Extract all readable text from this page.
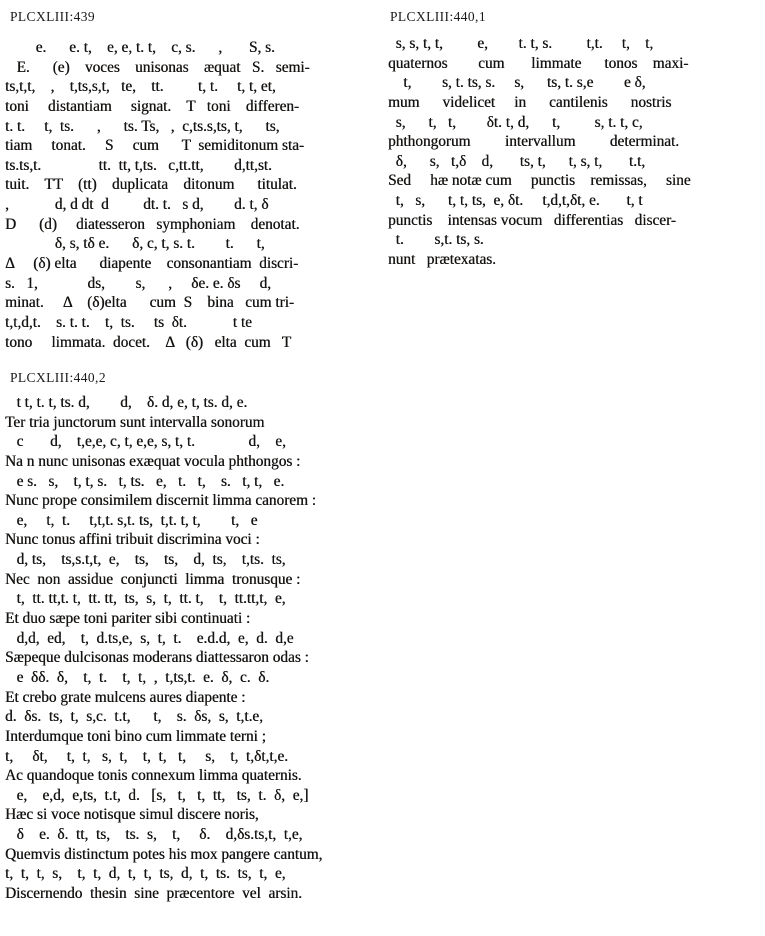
PLCXLIII:439	PLCXLIII:440,1
e.      e. t,    e, e, t. t,    c, s.      ,       S, s.
E.      (e)    voces    unisonas    æquat   S.   semi-
ts,t,t,    ,    t,ts,s,t,   te,    tt.         t, t.     t, t, et,
toni     distantiam     signat.    T   toni    differen-
t. t.     t,  ts.      ,      ts. Ts,   ,  c,ts.s,ts, t,      ts,
tiam     tonat.     S     cum      T  semiditonum sta-
ts.ts,t.               tt.  tt, t,ts.   c,tt.tt,        d,tt,st.
tuit.    TT    (tt)    duplicata    ditonum      titulat.
,            d, d dt  d         dt. t.   s d,        d. t, δ
D      (d)     diatesseron   symphoniam    denotat.
δ, s, tδ e.      δ, c, t, s. t.        t.      t,
Δ     (δ) elta      diapente    consonantiam  discri-
s.   1,             ds,        s,      ,     δe. e. δs     d,
minat.     Δ    (δ)elta      cum  S    bina   cum tri-
t,t,d,t.    s. t. t.    t,  ts.     ts  δt.            t te
tono     limmata.  docet.    Δ   (δ)   elta  cum   T
s, s, t, t,         e,        t. t, s.         t,t.     t,    t,
quaternos        cum       limmate      tonos    maxi-
t,        s, t. ts, s.     s,      ts, t. s,e        e δ,
mum      videlicet     in      cantilenis      nostris
s,      t,   t,        δt. t, d,      t,         s, t. t, c,
phthongorum         intervallum         determinat.
δ,      s,   t,δ    d,       ts, t,      t, s, t,       t.t,
Sed     hæ notæ cum     punctis    remissas,     sine
t,   s,      t, t, ts,  e, δt.     t,d,t,δt, e.       t, t
punctis    intensas vocum   differentias   discer-
t.        s,t. ts, s.
nunt   prætexatas.
PLCXLIII:440,2
t t, t. t, ts. d,        d,    δ. d, e, t, ts. d, e.
Ter tria junctorum sunt intervalla sonorum
c       d,    t,e,e, c, t, e,e, s, t, t.              d,    e,
Na n nunc unisonas exæquat vocula phthongos :
e s.   s,    t, t, s.   t, ts.   e,   t.   t,    s.   t, t,   e.
Nunc prope consimilem discernit limma canorem :
e,     t,  t.     t,t,t. s,t. ts,  t,t. t, t,        t,   e
Nunc tonus affini tribuit discrimina voci :
d, ts,    ts,s.t,t,  e,    ts,    ts,    d,  ts,    t,ts.  ts,
Nec  non  assidue  conjuncti  limma  tronusque :
t,  tt. tt,t. t,  tt. tt,  ts,  s,  t,  tt. t,    t,  tt.tt,t,  e,
Et duo sæpe toni pariter sibi continuati :
d,d,  ed,    t,  d.ts,e,  s,  t,  t.    e.d.d,  e,  d.  d,e
Sæpeque dulcisonas moderans diattessaron odas :
e  δδ.  δ,    t,  t.    t,  t,  ,  t,ts,t.  e.  δ,  c.  δ.
Et crebo grate mulcens aures diapente :
d.  δs.  ts,  t,  s,c.  t.t,      t,    s.  δs,  s,  t,t.e,
Interdumque toni bino cum limmate terni ;
t,     δt,     t,  t,   s,  t,    t,  t,   t,     s,    t,  t,δt,t,e.
Ac quandoque tonis connexum limma quaternis.
e,    e,d,  e,ts,  t.t,  d.   [s,   t,   t,  tt,   ts,  t.  δ,  e,]
Hæc si voce notisque simul discere noris,
δ    e.  δ.  tt,  ts,    ts.  s,    t,     δ.    d,δs.ts,t,  t,e,
Quemvis distinctum potes his mox pangere cantum,
t,  t,  t,  s,    t,  t,  d,  t,  t,  ts,  d,  t,  ts.  ts,  t,  e,
Discernendo  thesin  sine  præcentore  vel  arsin.
